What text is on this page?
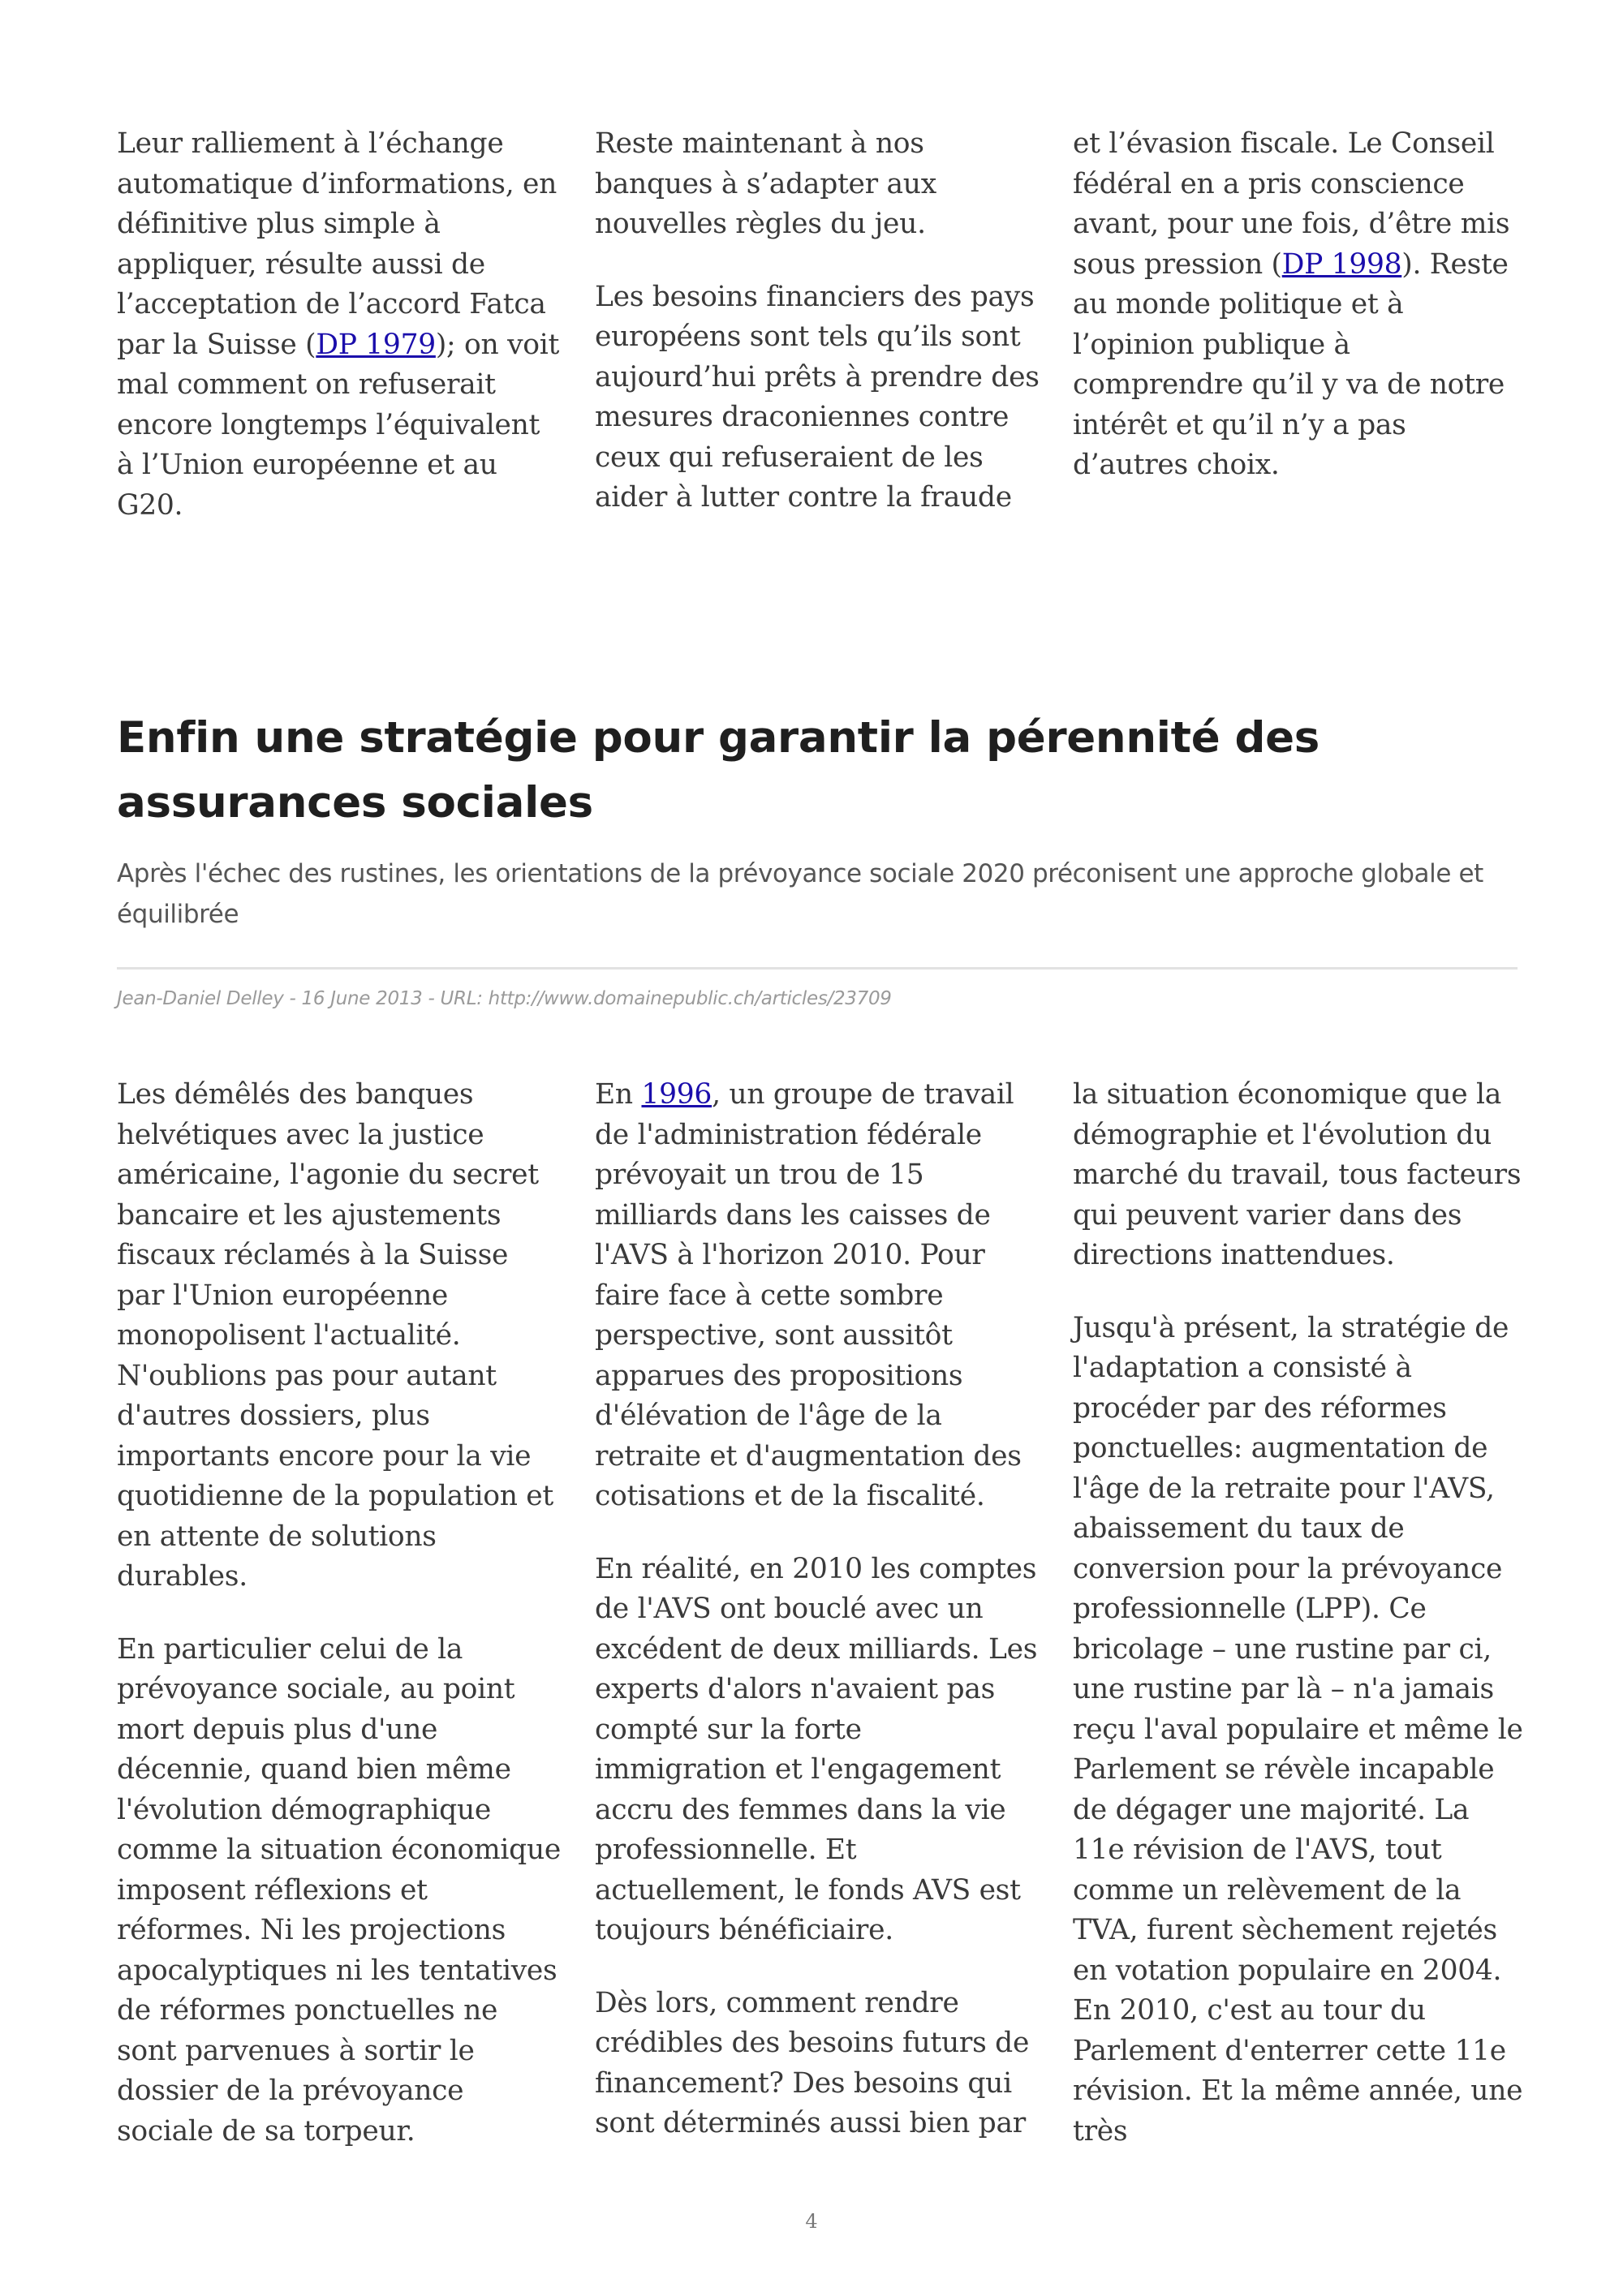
Leur ralliement à l’échange automatique d’informations, en définitive plus simple à appliquer, résulte aussi de l’acceptation de l’accord Fatca par la Suisse (DP 1979); on voit mal comment on refuserait encore longtemps l’équivalent à l’Union européenne et au G20.

Reste maintenant à nos banques à s’adapter aux nouvelles règles du jeu.

Les besoins financiers des pays européens sont tels qu’ils sont aujourd’hui prêts à prendre des mesures draconiennes contre ceux qui refuseraient de les aider à lutter contre la fraude

et l’évasion fiscale. Le Conseil fédéral en a pris conscience avant, pour une fois, d’être mis sous pression (DP 1998). Reste au monde politique et à l’opinion publique à comprendre qu’il y va de notre intérêt et qu’il n’y a pas d’autres choix.

Enfin une stratégie pour garantir la pérennité des assurances sociales

Après l'échec des rustines, les orientations de la prévoyance sociale 2020 préconisent une approche globale et équilibrée

Jean-Daniel Delley - 16 June 2013 - URL: http://www.domainepublic.ch/articles/23709

Les démêlés des banques helvétiques avec la justice américaine, l'agonie du secret bancaire et les ajustements fiscaux réclamés à la Suisse par l'Union européenne monopolisent l'actualité. N'oublions pas pour autant d'autres dossiers, plus importants encore pour la vie quotidienne de la population et en attente de solutions durables.

En particulier celui de la prévoyance sociale, au point mort depuis plus d'une décennie, quand bien même l'évolution démographique comme la situation économique imposent réflexions et réformes. Ni les projections apocalyptiques ni les tentatives de réformes ponctuelles ne sont parvenues à sortir le dossier de la prévoyance sociale de sa torpeur.

En 1996, un groupe de travail de l'administration fédérale prévoyait un trou de 15 milliards dans les caisses de l'AVS à l'horizon 2010. Pour faire face à cette sombre perspective, sont aussitôt apparues des propositions d'élévation de l'âge de la retraite et d'augmentation des cotisations et de la fiscalité.

En réalité, en 2010 les comptes de l'AVS ont bouclé avec un excédent de deux milliards. Les experts d'alors n'avaient pas compté sur la forte immigration et l'engagement accru des femmes dans la vie professionnelle. Et actuellement, le fonds AVS est toujours bénéficiaire.

Dès lors, comment rendre crédibles des besoins futurs de financement? Des besoins qui sont déterminés aussi bien par

la situation économique que la démographie et l'évolution du marché du travail, tous facteurs qui peuvent varier dans des directions inattendues.

Jusqu'à présent, la stratégie de l'adaptation a consisté à procéder par des réformes ponctuelles: augmentation de l'âge de la retraite pour l'AVS, abaissement du taux de conversion pour la prévoyance professionnelle (LPP). Ce bricolage – une rustine par ci, une rustine par là – n'a jamais reçu l'aval populaire et même le Parlement se révèle incapable de dégager une majorité. La 11e révision de l'AVS, tout comme un relèvement de la TVA, furent sèchement rejetés en votation populaire en 2004. En 2010, c'est au tour du Parlement d'enterrer cette 11e révision. Et la même année, une très

4
